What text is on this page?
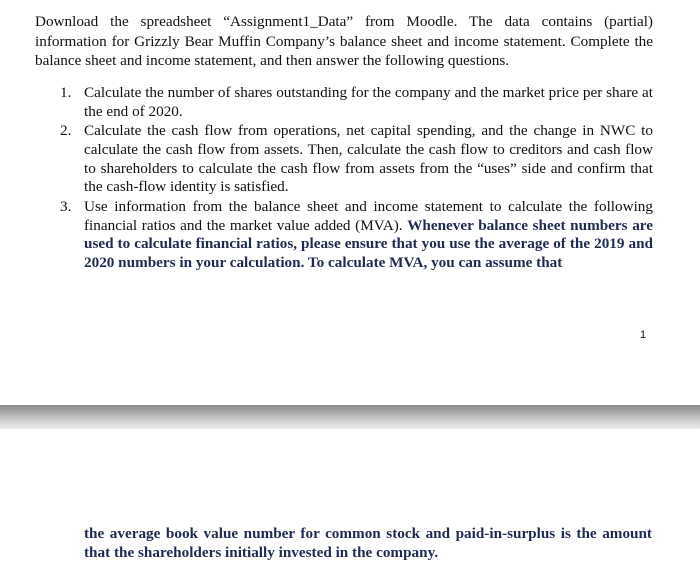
Download the spreadsheet “Assignment1_Data” from Moodle. The data contains (partial) information for Grizzly Bear Muffin Company’s balance sheet and income statement. Complete the balance sheet and income statement, and then answer the following questions.

1. Calculate the number of shares outstanding for the company and the market price per share at the end of 2020.
2. Calculate the cash flow from operations, net capital spending, and the change in NWC to calculate the cash flow from assets. Then, calculate the cash flow to creditors and cash flow to shareholders to calculate the cash flow from assets from the “uses” side and confirm that the cash-flow identity is satisfied.
3. Use information from the balance sheet and income statement to calculate the following financial ratios and the market value added (MVA). Whenever balance sheet numbers are used to calculate financial ratios, please ensure that you use the average of the 2019 and 2020 numbers in your calculation. To calculate MVA, you can assume that
1

the average book value number for common stock and paid-in-surplus is the amount that the shareholders initially invested in the company.
